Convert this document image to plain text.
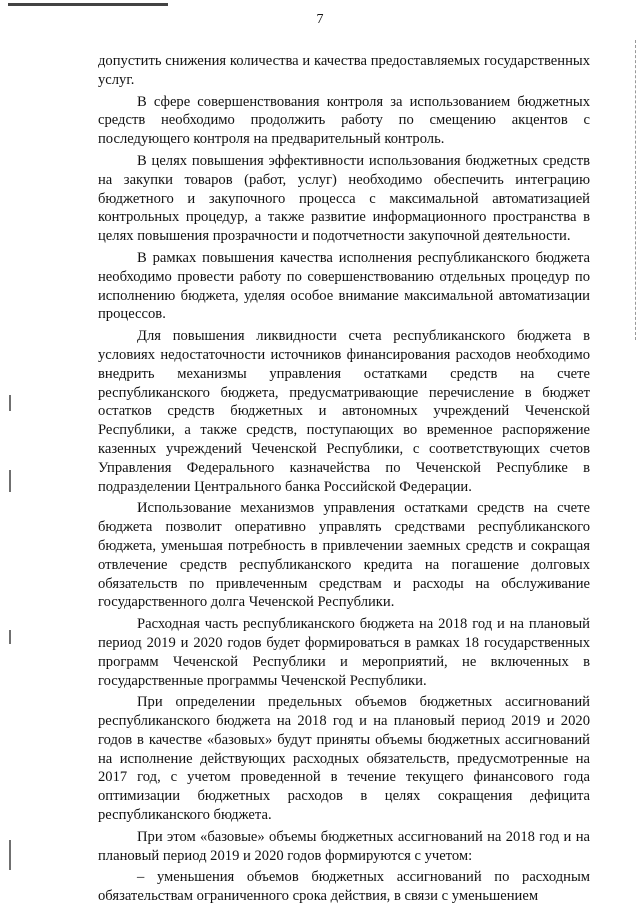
7

допустить снижения количества и качества предоставляемых государственных услуг.

В сфере совершенствования контроля за использованием бюджетных средств необходимо продолжить работу по смещению акцентов с последующего контроля на предварительный контроль.

В целях повышения эффективности использования бюджетных средств на закупки товаров (работ, услуг) необходимо обеспечить интеграцию бюджетного и закупочного процесса с максимальной автоматизацией контрольных процедур, а также развитие информационного пространства в целях повышения прозрачности и подотчетности закупочной деятельности.

В рамках повышения качества исполнения республиканского бюджета необходимо провести работу по совершенствованию отдельных процедур по исполнению бюджета, уделяя особое внимание максимальной автоматизации процессов.

Для повышения ликвидности счета республиканского бюджета в условиях недостаточности источников финансирования расходов необходимо внедрить механизмы управления остатками средств на счете республиканского бюджета, предусматривающие перечисление в бюджет остатков средств бюджетных и автономных учреждений Чеченской Республики, а также средств, поступающих во временное распоряжение казенных учреждений Чеченской Республики, с соответствующих счетов Управления Федерального казначейства по Чеченской Республике в подразделении Центрального банка Российской Федерации.

Использование механизмов управления остатками средств на счете бюджета позволит оперативно управлять средствами республиканского бюджета, уменьшая потребность в привлечении заемных средств и сокращая отвлечение средств республиканского кредита на погашение долговых обязательств по привлеченным средствам и расходы на обслуживание государственного долга Чеченской Республики.

Расходная часть республиканского бюджета на 2018 год и на плановый период 2019 и 2020 годов будет формироваться в рамках 18 государственных программ Чеченской Республики и мероприятий, не включенных в государственные программы Чеченской Республики.

При определении предельных объемов бюджетных ассигнований республиканского бюджета на 2018 год и на плановый период 2019 и 2020 годов в качестве «базовых» будут приняты объемы бюджетных ассигнований на исполнение действующих расходных обязательств, предусмотренные на 2017 год, с учетом проведенной в течение текущего финансового года оптимизации бюджетных расходов в целях сокращения дефицита республиканского бюджета.

При этом «базовые» объемы бюджетных ассигнований на 2018 год и на плановый период 2019 и 2020 годов формируются с учетом:

– уменьшения объемов бюджетных ассигнований по расходным обязательствам ограниченного срока действия, в связи с уменьшением
